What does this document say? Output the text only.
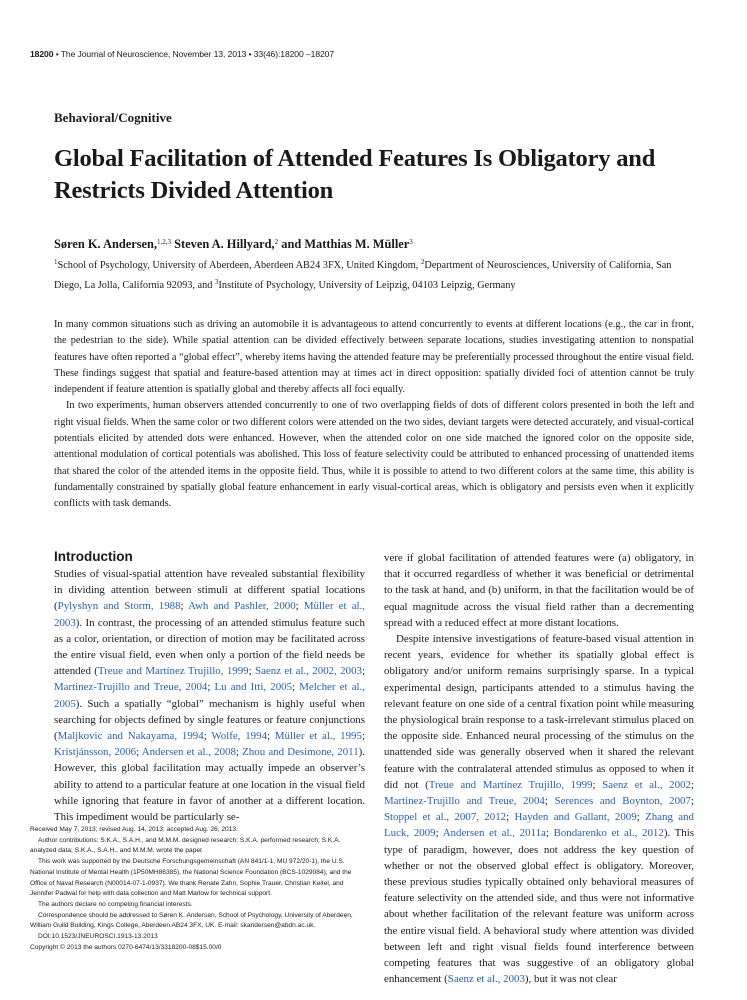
18200 • The Journal of Neuroscience, November 13, 2013 • 33(46):18200 –18207
Behavioral/Cognitive
Global Facilitation of Attended Features Is Obligatory and Restricts Divided Attention
Søren K. Andersen,$^{1,2,3}$ Steven A. Hillyard,$^2$ and Matthias M. Müller$^3$
$^1$School of Psychology, University of Aberdeen, Aberdeen AB24 3FX, United Kingdom, $^2$Department of Neurosciences, University of California, San Diego, La Jolla, California 92093, and $^3$Institute of Psychology, University of Leipzig, 04103 Leipzig, Germany

In many common situations such as driving an automobile it is advantageous to attend concurrently to events at different locations (e.g., the car in front, the pedestrian to the side). While spatial attention can be divided effectively between separate locations, studies investigating attention to nonspatial features have often reported a “global effect”, whereby items having the attended feature may be preferentially processed throughout the entire visual field. These findings suggest that spatial and feature-based attention may at times act in direct opposition: spatially divided foci of attention cannot be truly independent if feature attention is spatially global and thereby affects all foci equally.

In two experiments, human observers attended concurrently to one of two overlapping fields of dots of different colors presented in both the left and right visual fields. When the same color or two different colors were attended on the two sides, deviant targets were detected accurately, and visual-cortical potentials elicited by attended dots were enhanced. However, when the attended color on one side matched the ignored color on the opposite side, attentional modulation of cortical potentials was abolished. This loss of feature selectivity could be attributed to enhanced processing of unattended items that shared the color of the attended items in the opposite field. Thus, while it is possible to attend to two different colors at the same time, this ability is fundamentally constrained by spatially global feature enhancement in early visual-cortical areas, which is obligatory and persists even when it explicitly conflicts with task demands.

Introduction

Studies of visual-spatial attention have revealed substantial flexibility in dividing attention between stimuli at different spatial locations (Pylyshyn and Storm, 1988; Awh and Pashler, 2000; Müller et al., 2003). In contrast, the processing of an attended stimulus feature such as a color, orientation, or direction of motion may be facilitated across the entire visual field, even when only a portion of the field needs be attended (Treue and Martínez Trujillo, 1999; Saenz et al., 2002, 2003; Martinez-Trujillo and Treue, 2004; Lu and Itti, 2005; Melcher et al., 2005). Such a spatially “global” mechanism is highly useful when searching for objects defined by single features or feature conjunctions (Maljkovic and Nakayama, 1994; Wolfe, 1994; Müller et al., 1995; Kristjánsson, 2006; Andersen et al., 2008; Zhou and Desimone, 2011). However, this global facilitation may actually impede an observer’s ability to attend to a particular feature at one location in the visual field while ignoring that feature in favor of another at a different location. This impediment would be particularly se-

vere if global facilitation of attended features were (a) obligatory, in that it occurred regardless of whether it was beneficial or detrimental to the task at hand, and (b) uniform, in that the facilitation would be of equal magnitude across the visual field rather than a decrementing spread with a reduced effect at more distant locations.

Despite intensive investigations of feature-based visual attention in recent years, evidence for whether its spatially global effect is obligatory and/or uniform remains surprisingly sparse. In a typical experimental design, participants attended to a stimulus having the relevant feature on one side of a central fixation point while measuring the physiological brain response to a task-irrelevant stimulus placed on the opposite side. Enhanced neural processing of the stimulus on the unattended side was generally observed when it shared the relevant feature with the contralateral attended stimulus as opposed to when it did not (Treue and Martínez Trujillo, 1999; Saenz et al., 2002; Martinez-Trujillo and Treue, 2004; Serences and Boynton, 2007; Stoppel et al., 2007, 2012; Hayden and Gallant, 2009; Zhang and Luck, 2009; Andersen et al., 2011a; Bondarenko et al., 2012). This type of paradigm, however, does not address the key question of whether or not the observed global effect is obligatory. Moreover, these previous studies typically obtained only behavioral measures of feature selectivity on the attended side, and thus were not informative about whether facilitation of the relevant feature was uniform across the entire visual field. A behavioral study where attention was divided between left and right visual fields found interference between competing features that was suggestive of an obligatory global enhancement (Saenz et al., 2003), but it was not clear

Received May 7, 2013; revised Aug. 14, 2013; accepted Aug. 26, 2013.

Author contributions: S.K.A., S.A.H., and M.M.M. designed research; S.K.A. performed research; S.K.A. analyzed data; S.K.A., S.A.H., and M.M.M. wrote the paper.

This work was supported by the Deutsche Forschungsgemeinschaft (AN 841/1-1, MU 972/20-1), the U.S. National Institute of Mental Health (1P50MH86385), the National Science Foundation (BCS-1029084), and the Office of Naval Research (N00014-07-1-0937). We thank Renate Zahn, Sophie Trauer, Christian Keitel, and Jennifer Padwal for help with data collection and Matt Marlow for technical support.

The authors declare no competing financial interests.

Correspondence should be addressed to Søren K. Andersen, School of Psychology, University of Aberdeen, William Guild Building, Kings College, Aberdeen AB24 3FX, UK. E-mail: skandersen@abdn.ac.uk.

DOI:10.1523/JNEUROSCI.1913-13.2013

Copyright © 2013 the authors 0270-6474/13/3318200-08$15.00/0
